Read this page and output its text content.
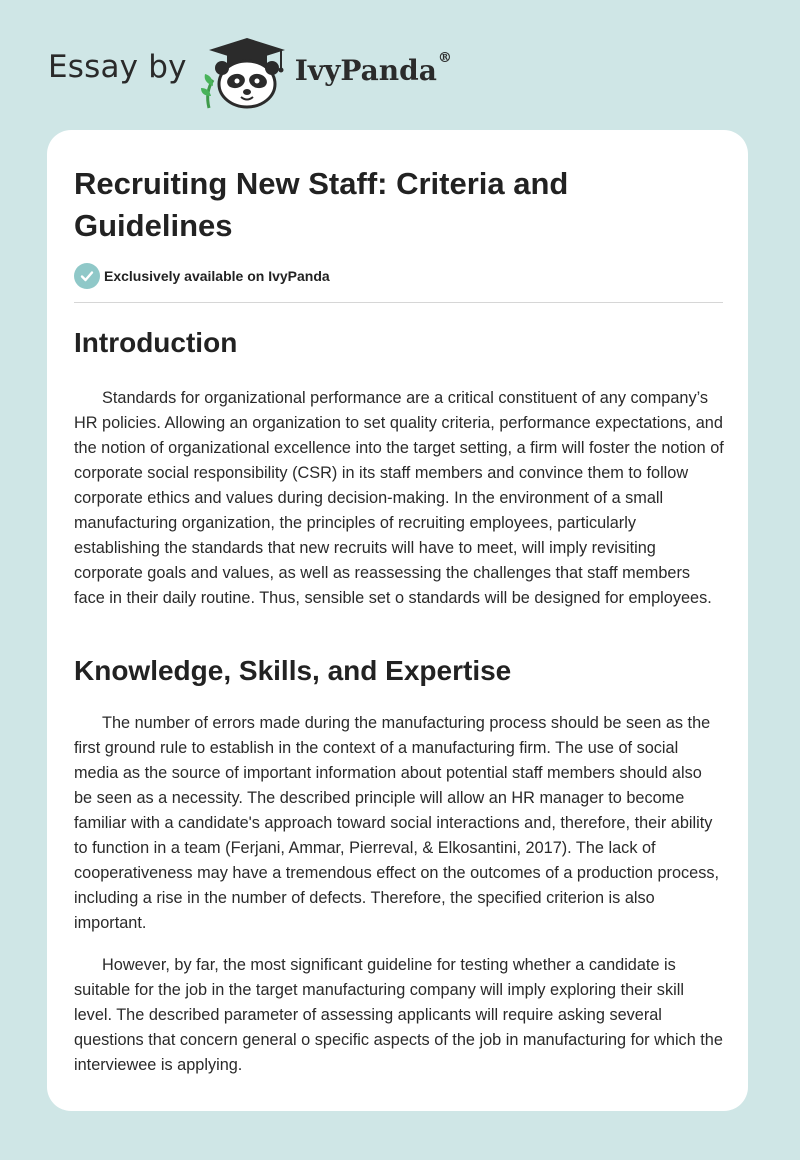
Essay by	IvyPanda®
Recruiting New Staff: Criteria and Guidelines
Exclusively available on IvyPanda
Introduction

Standards for organizational performance are a critical constituent of any company’s HR policies. Allowing an organization to set quality criteria, performance expectations, and the notion of organizational excellence into the target setting, a firm will foster the notion of corporate social responsibility (CSR) in its staff members and convince them to follow corporate ethics and values during decision-making. In the environment of a small manufacturing organization, the principles of recruiting employees, particularly establishing the standards that new recruits will have to meet, will imply revisiting corporate goals and values, as well as reassessing the challenges that staff members face in their daily routine. Thus, sensible set o standards will be designed for employees.

Knowledge, Skills, and Expertise

The number of errors made during the manufacturing process should be seen as the first ground rule to establish in the context of a manufacturing firm. The use of social media as the source of important information about potential staff members should also be seen as a necessity. The described principle will allow an HR manager to become familiar with a candidate's approach toward social interactions and, therefore, their ability to function in a team (Ferjani, Ammar, Pierreval, & Elkosantini, 2017). The lack of cooperativeness may have a tremendous effect on the outcomes of a production process, including a rise in the number of defects. Therefore, the specified criterion is also important.

However, by far, the most significant guideline for testing whether a candidate is suitable for the job in the target manufacturing company will imply exploring their skill level. The described parameter of assessing applicants will require asking several questions that concern general o specific aspects of the job in manufacturing for which the interviewee is applying.
